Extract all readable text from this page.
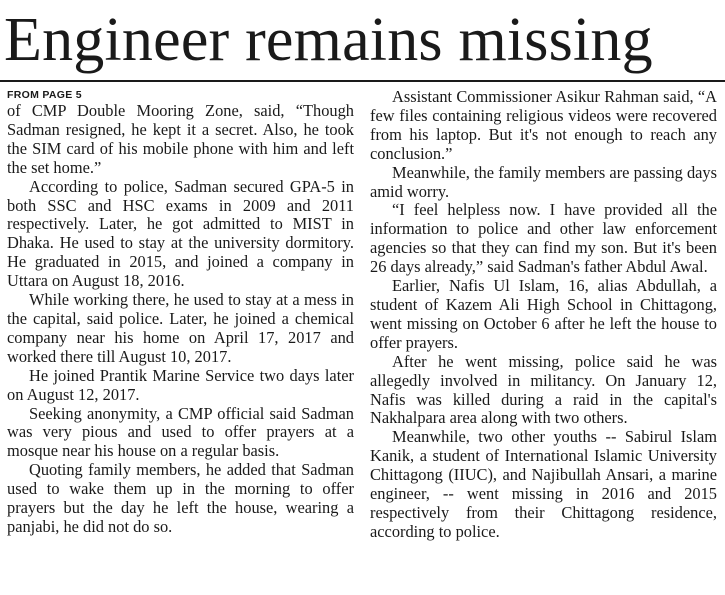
Engineer remains missing
FROM PAGE 5

of CMP Double Mooring Zone, said, “Though Sadman resigned, he kept it a secret. Also, he took the SIM card of his mobile phone with him and left the set home.”

According to police, Sadman secured GPA-5 in both SSC and HSC exams in 2009 and 2011 respectively. Later, he got admitted to MIST in Dhaka. He used to stay at the university dormitory. He graduated in 2015, and joined a company in Uttara on August 18, 2016.

While working there, he used to stay at a mess in the capital, said police. Later, he joined a chemical company near his home on April 17, 2017 and worked there till August 10, 2017.

He joined Prantik Marine Service two days later on August 12, 2017.

Seeking anonymity, a CMP official said Sadman was very pious and used to offer prayers at a mosque near his house on a regular basis.

Quoting family members, he added that Sadman used to wake them up in the morning to offer prayers but the day he left the house, wearing a panjabi, he did not do so.

Assistant Commissioner Asikur Rahman said, “A few files containing religious videos were recovered from his laptop. But it's not enough to reach any conclusion.”

Meanwhile, the family members are passing days amid worry.

“I feel helpless now. I have provided all the information to police and other law enforcement agencies so that they can find my son. But it's been 26 days already,” said Sadman's father Abdul Awal.

Earlier, Nafis Ul Islam, 16, alias Abdullah, a student of Kazem Ali High School in Chittagong, went missing on October 6 after he left the house to offer prayers.

After he went missing, police said he was allegedly involved in militancy. On January 12, Nafis was killed during a raid in the capital's Nakhalpara area along with two others.

Meanwhile, two other youths -- Sabirul Islam Kanik, a student of International Islamic University Chittagong (IIUC), and Najibullah Ansari, a marine engineer, -- went missing in 2016 and 2015 respectively from their Chittagong residence, according to police.
